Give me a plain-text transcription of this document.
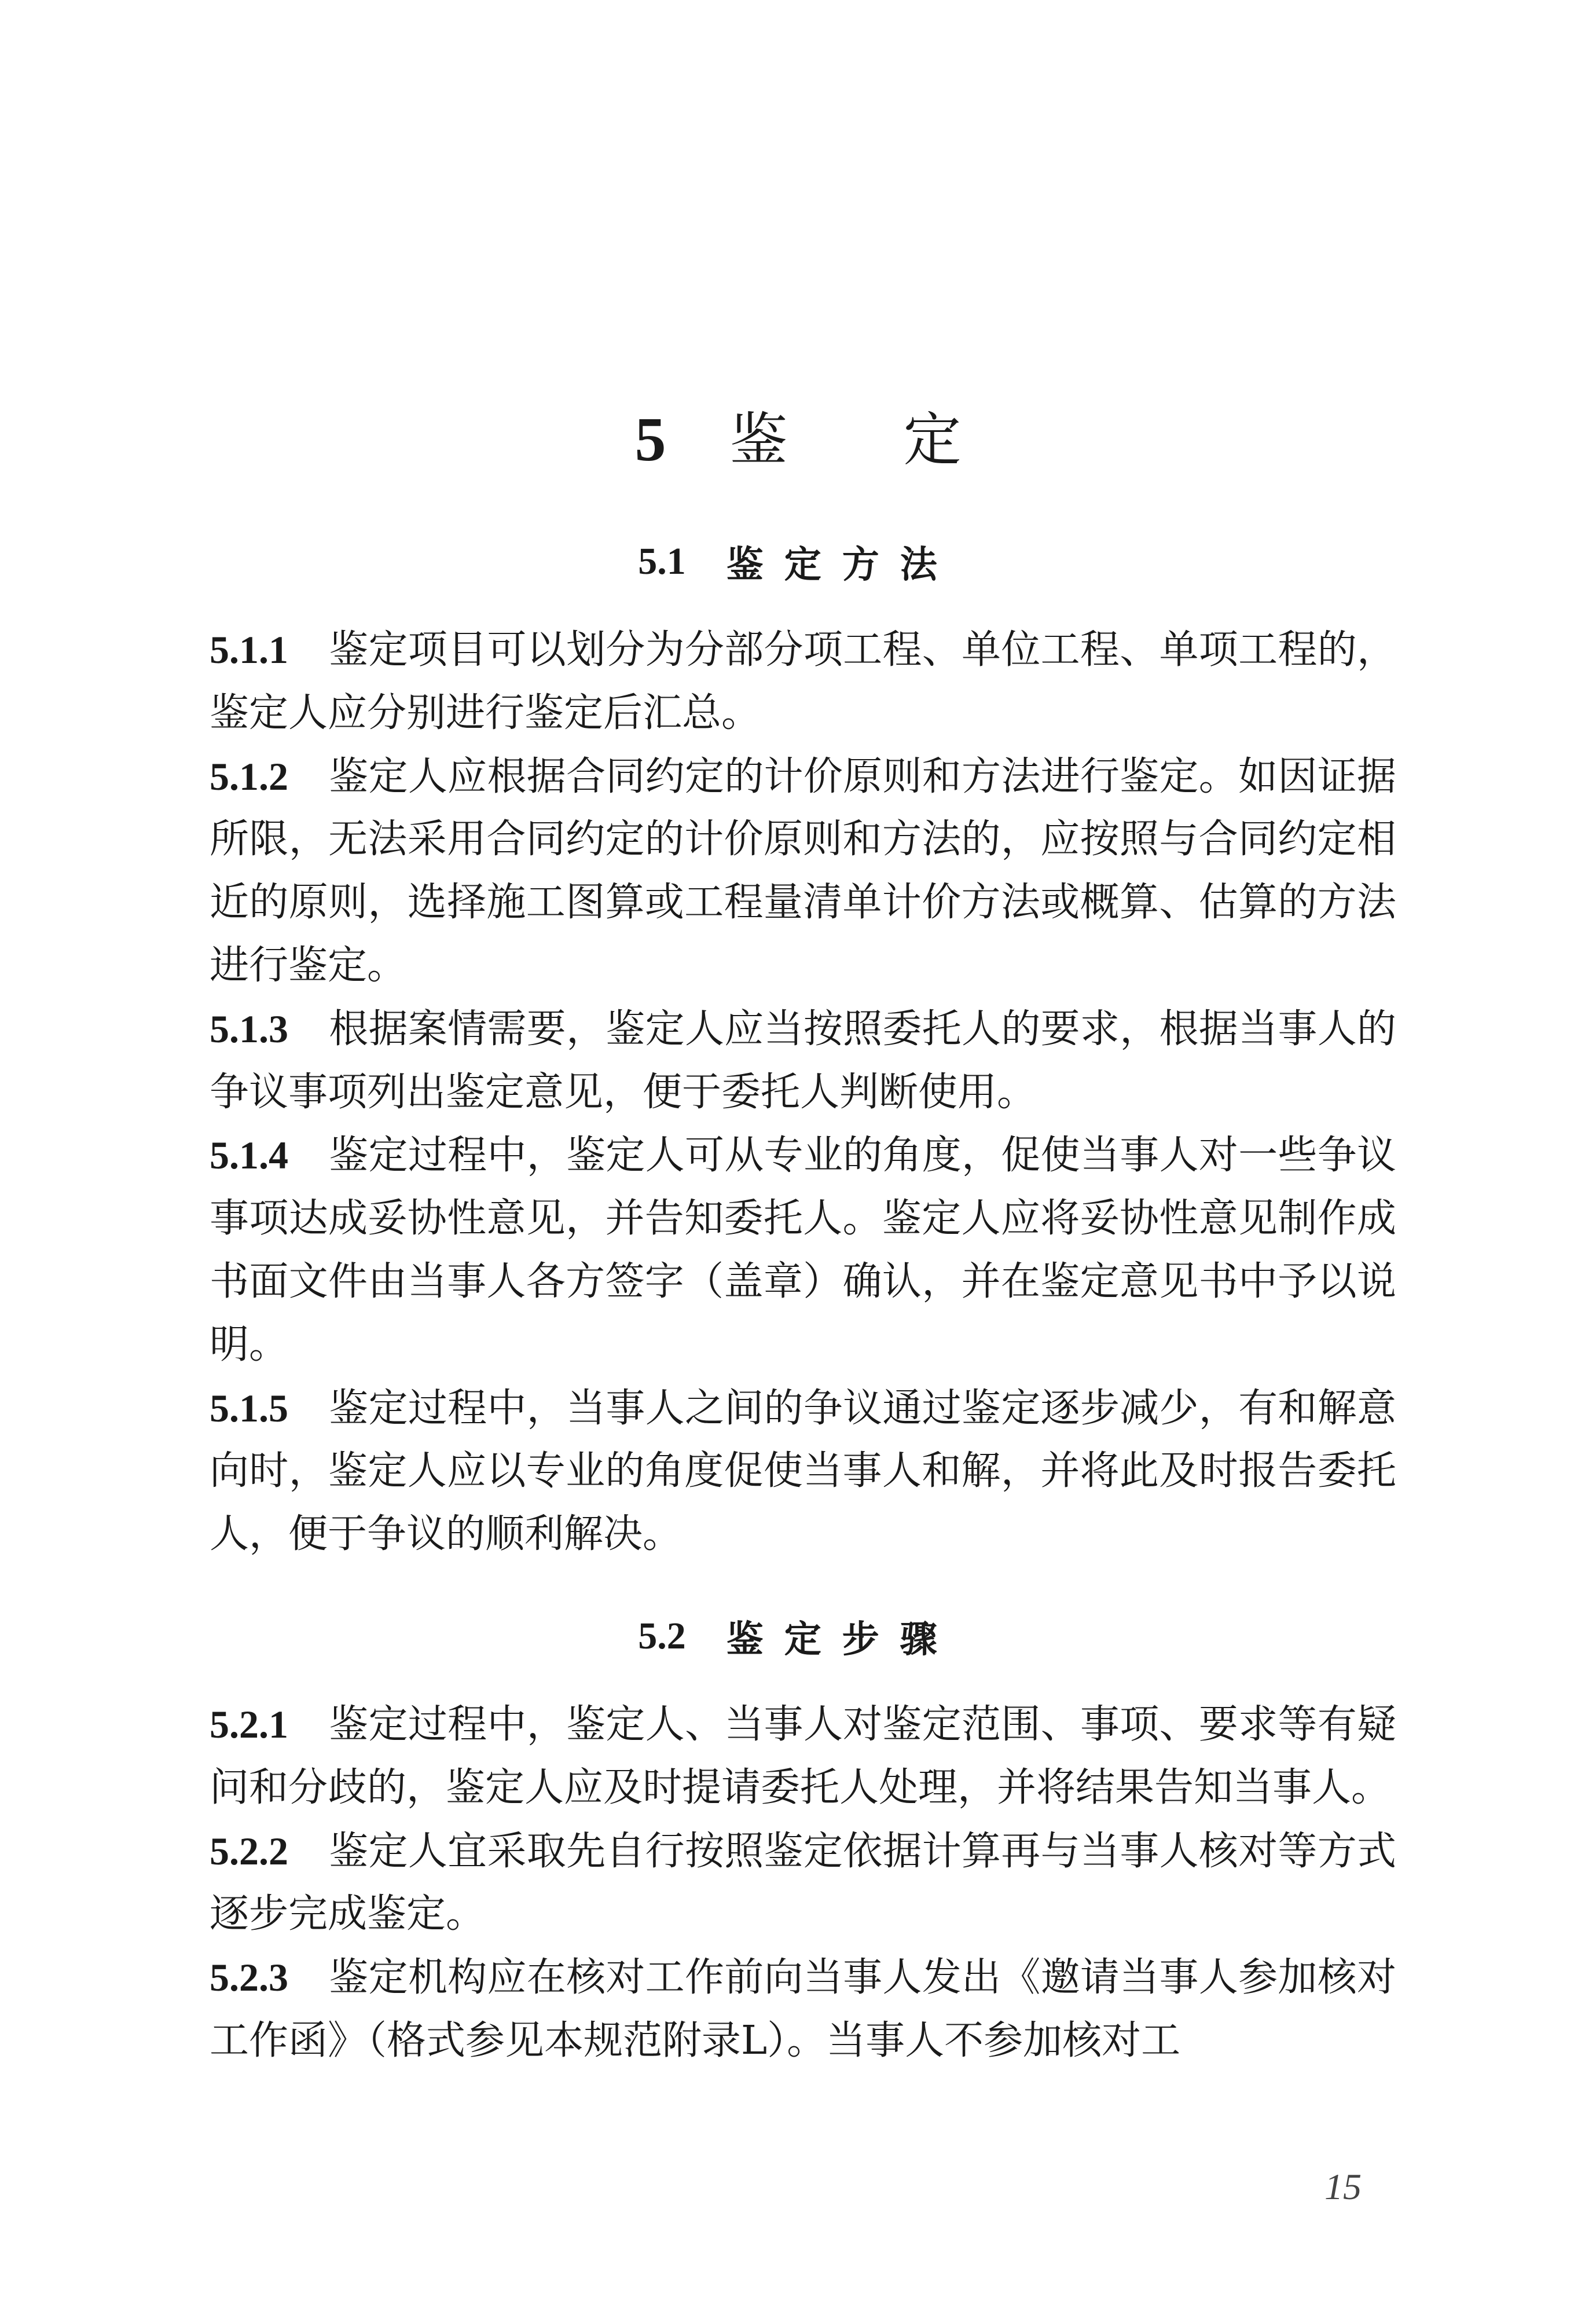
5 鉴 定
5.1 鉴定方法

5.1.1 鉴定项目可以划分为分部分项工程、单位工程、单项工程的，鉴定人应分别进行鉴定后汇总。

5.1.2 鉴定人应根据合同约定的计价原则和方法进行鉴定。如因证据所限，无法采用合同约定的计价原则和方法的，应按照与合同约定相近的原则，选择施工图算或工程量清单计价方法或概算、估算的方法进行鉴定。

5.1.3 根据案情需要，鉴定人应当按照委托人的要求，根据当事人的争议事项列出鉴定意见，便于委托人判断使用。

5.1.4 鉴定过程中，鉴定人可从专业的角度，促使当事人对一些争议事项达成妥协性意见，并告知委托人。鉴定人应将妥协性意见制作成书面文件由当事人各方签字（盖章）确认，并在鉴定意见书中予以说明。

5.1.5 鉴定过程中，当事人之间的争议通过鉴定逐步减少，有和解意向时，鉴定人应以专业的角度促使当事人和解，并将此及时报告委托人，便于争议的顺利解决。

5.2 鉴定步骤

5.2.1 鉴定过程中，鉴定人、当事人对鉴定范围、事项、要求等有疑问和分歧的，鉴定人应及时提请委托人处理，并将结果告知当事人。

5.2.2 鉴定人宜采取先自行按照鉴定依据计算再与当事人核对等方式逐步完成鉴定。

5.2.3 鉴定机构应在核对工作前向当事人发出《邀请当事人参加核对工作函》（格式参见本规范附录L）。当事人不参加核对工

15
